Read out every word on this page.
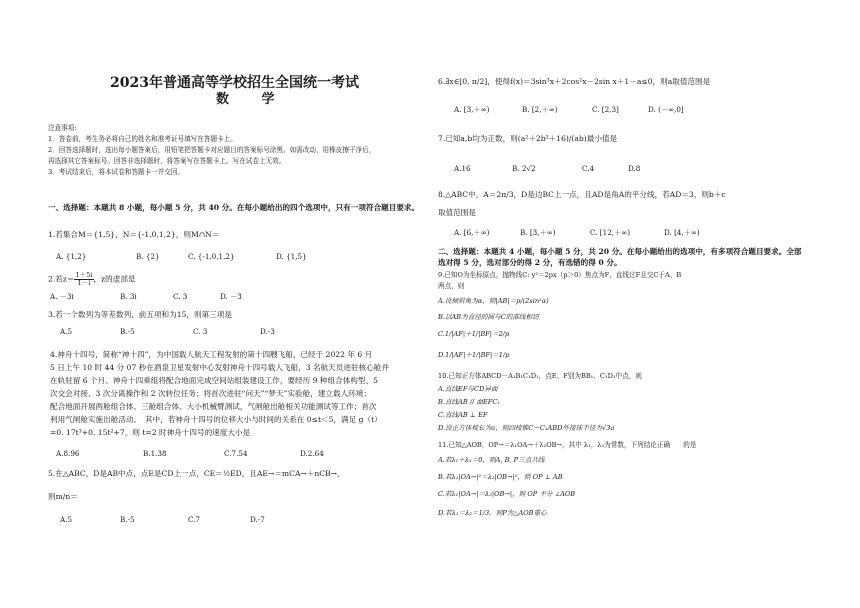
2023年普通高等学校招生全国统一考试
数 学
注意事项:
1．答卷前，考生务必将自己的姓名和准考证号填写在答题卡上。
2．回答选择题时，选出每小题答案后，用铅笔把答题卡对应题目的答案标号涂黑。如需改动，用橡皮擦干净后，
再选择其它答案标号。回答非选择题时，将答案写在答题卡上。写在试卷上无效。
3．考试结束后，将本试卷和答题卡一并交回。
一、选择题：本题共 8 小题，每小题 5 分，共 40 分。在每小题给出的四个选项中，只有一项符合题目要求。
1.若集合M＝{1,5}，N＝{-1,0,1,2}，则M∩N＝
A. {1,2}	B. {2}	C. {-1,0,1,2}	D. {1,5}
2.若$z= \frac{1+5i}{1-i}$ ，z的虚部是
A. －3i	B. 3i	C. 3	D. －3
3.若一个数列为等差数列，前五项和为15，则第三项是
A.5	B.-5	C. 3	D.-3
4.神舟十四号，简称“神十四”，为中国载人航天工程发射的第十四艘飞船，已经于 2022 年 6 月
5 日上午 10 时 44 分 07 秒在酒泉卫星发射中心发射神舟十四号载人飞船，3 名航天员进驻核心舱并
在轨驻留 6 个月。神舟十四乘组将配合地面完成空间站组装建设工作，要经历 9 种组合体构型、5
次交会对接、3 次分离操作和 2 次转位任务；将首次进驻“问天”“梦天”实验舱，建立载人环境；
配合地面开展两舱组合体、三舱组合体、大小机械臂测试，气闸舱出舱相关功能测试等工作；首次
利用气闸舱实施出舱活动。　其中，若神舟十四号的位移大小与时间的关系在 0≤t＜5，满足 g（t）
=0. 17t³+0. 15t²+7，则 t=2 时神舟十四号的速度大小是
A.8.96	B.1.38	C.7.54	D.2.64
5.在△ABC，D是AB中点，点E是CD上一点，CE＝½ED，且AE→＝mCA→＋nCB→，
则m/n＝
A.5	B.-5	C.7	D.-7
6.∃x∈[0, π/2]，使得f(x)＝3sin³x＋2cos²x－2sin x＋1－a≤0，则a取值范围是
A. [3,＋∞)	B. [2,＋∞)	C. [2,3]	D. (－∞,0]
7.已知a,b均为正数，则(a²＋2b²＋16)/(ab)最小值是
A.16	B. 2√2	C.4	D.8
8.△ABC中，A＝2π/3，D是边BC上一点，且AD是角A的平分线，若AD＝3，则b＋c
取值范围是
A. [6,＋∞)	B. [3,＋∞)	C. [12,＋∞)	D. [4,＋∞)
二、选择题：本题共 4 小题，每小题 5 分，共 20 分。在每小题给出的选项中，有多项符合题目要求。全部
选对得 5 分，选对部分的得 2 分，有选错的得 0 分。
9.已知O为坐标原点，抛物线C: y²＝2px（p＞0）焦点为F，直线过F且交C于A、B
两点，则
A.设倾斜角为α，则|AB|＝p/(2sin²α)
B.以AB为直径的圆与C的准线相切
C.1/|AF|＋1/|BF|＝2/p
D.1/|AF|＋1/|BF|＝1/p
10.已知正方体ABCD－A₁B₁C₁D₁，点E、F别为BB₁、C₁D₁中点，则
A.直线EF与CD异面
B.直线AB // 面EFC₁
C.直线AB ⊥ EF
D.设正方体棱长为a，则四棱锥C－C₁ABD外接球半径为√3a
11.已知△AOB，OP→＝λ₁OA→＋λ₂OB→，其中 λ₁，λ₂为常数，下列结论正确　　的是
A.若λ₁＋λ₂＝0，则A, B, P三点共线
B.若λ₁|OA→|²＝λ₂|OB→|²，则 OP ⊥ AB
C.若λ₁|OA→|＝λ₂|OB→|，则 OP 平分 ∠AOB
D.若λ₁＝λ₂＝1/3，则P为△AOB重心
